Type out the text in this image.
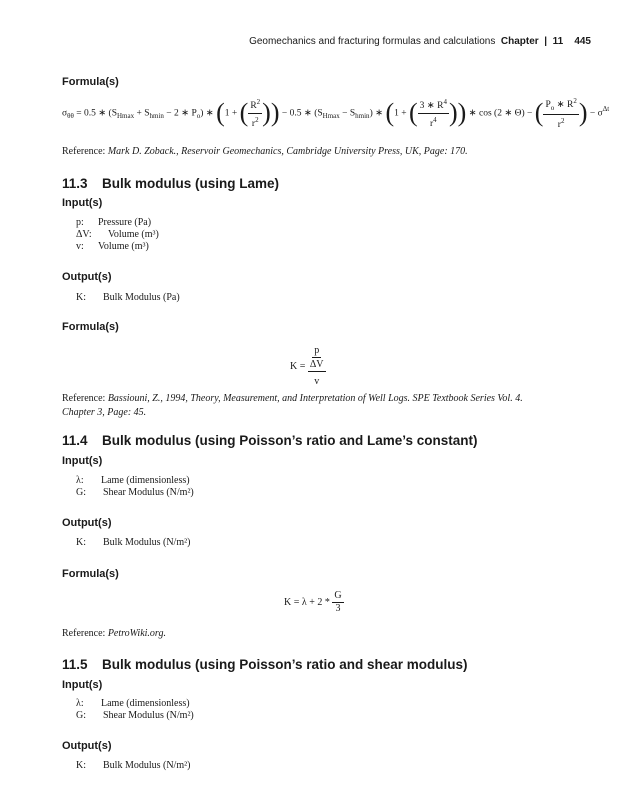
Geomechanics and fracturing formulas and calculations Chapter  |  11 445
Formula(s)
$\sigma_{\theta\theta} = 0.5$ ∗ ($S_{Hmax} + S_{hmin} - 2$ ∗ $P_o$) ∗ (1 + ( $\frac{R^2}{r^2}$ )) − 0.5 ∗ $(S_{Hmax} - S_{hmin})$ ∗ (1 + ( $\frac{3 ∗ R^4}{r^4}$ )) ∗ cos (2 ∗ Θ) − ( $\frac{P_o ∗ R^2}{r^2}$ ) − $\sigma^{\Delta t}$
Reference: Mark D. Zoback., Reservoir Geomechanics, Cambridge University Press, UK, Page: 170.
11.3 Bulk modulus (using Lame)
Input(s)
p: Pressure (Pa)
ΔV: Volume (m³)
v: Volume (m³)
Output(s)
K: Bulk Modulus (Pa)
Formula(s)
K =
p
ΔV
v
Reference: Bassiouni, Z., 1994, Theory, Measurement, and Interpretation of Well Logs. SPE Textbook Series Vol. 4.
Chapter 3, Page: 45.
11.4 Bulk modulus (using Poisson’s ratio and Lame’s constant)
Input(s)
λ: Lame (dimensionless)
G: Shear Modulus (N/m²)
Output(s)
K: Bulk Modulus (N/m²)
Formula(s)
$K = \lambda + 2 * \frac{G}{3}$
Reference: PetroWiki.org.
11.5 Bulk modulus (using Poisson’s ratio and shear modulus)
Input(s)
λ: Lame (dimensionless)
G: Shear Modulus (N/m²)
Output(s)
K: Bulk Modulus (N/m²)
